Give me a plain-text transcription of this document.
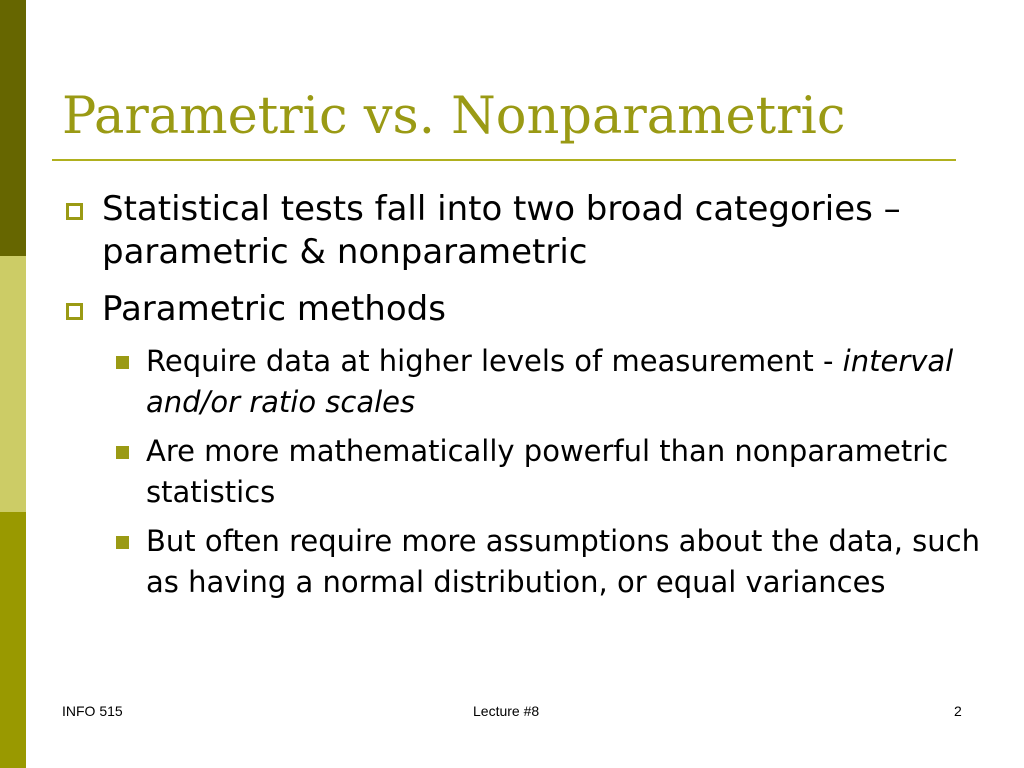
Parametric vs. Nonparametric
Statistical tests fall into two broad categories – parametric & nonparametric
Parametric methods
Require data at higher levels of measurement - interval and/or ratio scales
Are more mathematically powerful than nonparametric statistics
But often require more assumptions about the data, such as having a normal distribution, or equal variances
INFO 515	Lecture #8	2
